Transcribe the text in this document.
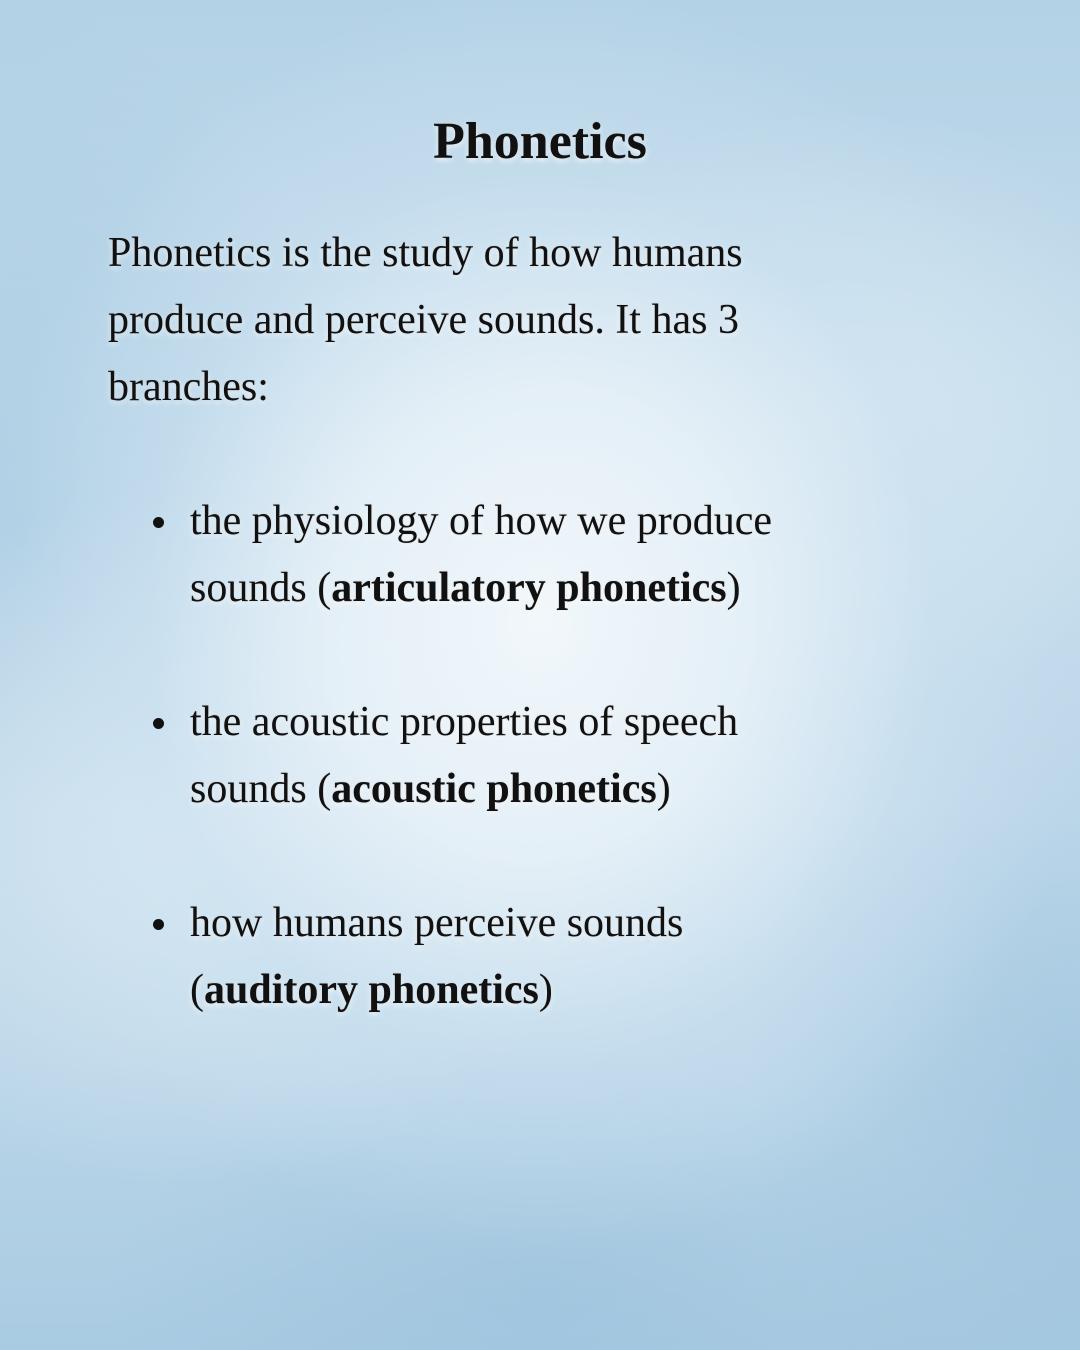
Phonetics

Phonetics is the study of how humans produce and perceive sounds. It has 3 branches:

the physiology of how we produce
sounds (articulatory phonetics)
the acoustic properties of speech
sounds (acoustic phonetics)
how humans perceive sounds
(auditory phonetics)
